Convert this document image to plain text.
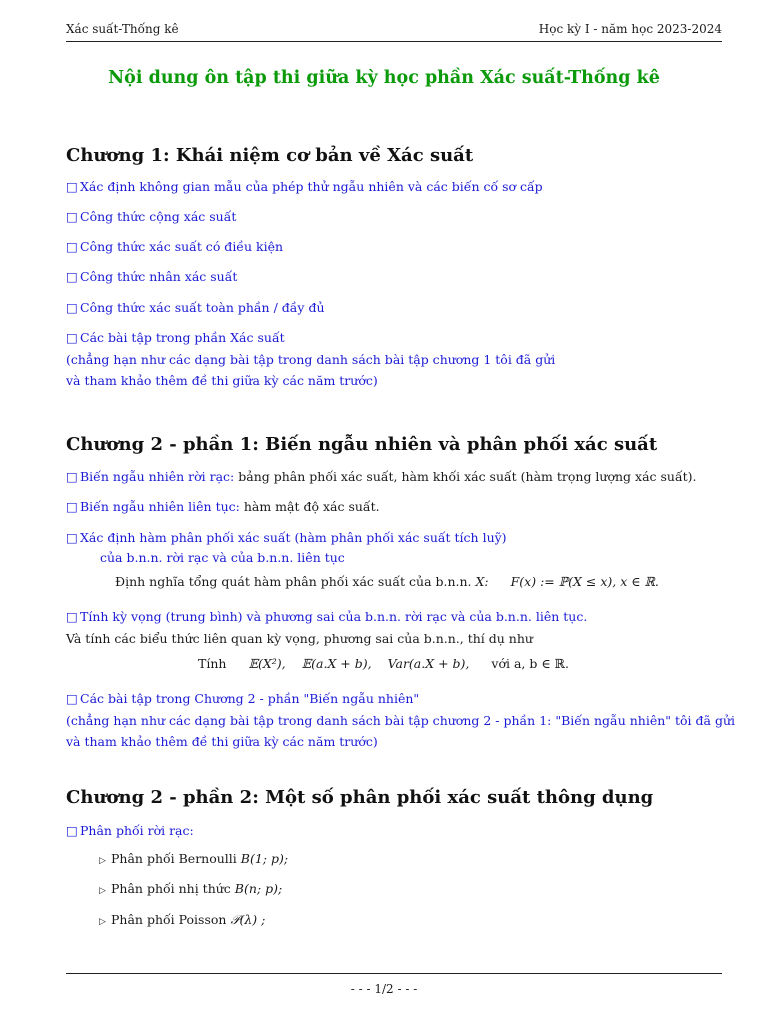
Xác suất-Thống kê	Học kỳ I - năm học 2023-2024
Nội dung ôn tập thi giữa kỳ học phần Xác suất-Thống kê
Chương 1: Khái niệm cơ bản về Xác suất
□ Xác định không gian mẫu của phép thử ngẫu nhiên và các biến cố sơ cấp
□ Công thức cộng xác suất
□ Công thức xác suất có điều kiện
□ Công thức nhân xác suất
□ Công thức xác suất toàn phần / đầy đủ
□ Các bài tập trong phần Xác suất
(chẳng hạn như các dạng bài tập trong danh sách bài tập chương 1 tôi đã gửi
và tham khảo thêm đề thi giữa kỳ các năm trước)
Chương 2 - phần 1: Biến ngẫu nhiên và phân phối xác suất
□ Biến ngẫu nhiên rời rạc: bảng phân phối xác suất, hàm khối xác suất (hàm trọng lượng xác suất).
□ Biến ngẫu nhiên liên tục: hàm mật độ xác suất.
□ Xác định hàm phân phối xác suất (hàm phân phối xác suất tích luỹ)
của b.n.n. rời rạc và của b.n.n. liên tục
Định nghĩa tổng quát hàm phân phối xác suất của b.n.n. X: F(x) := ℙ(X ≤ x), x ∈ ℝ.
□ Tính kỳ vọng (trung bình) và phương sai của b.n.n. rời rạc và của b.n.n. liên tục.
Và tính các biểu thức liên quan kỳ vọng, phương sai của b.n.n., thí dụ như
Tính 𝔼(X²), 𝔼(a.X + b), Var(a.X + b), với a, b ∈ ℝ.
□ Các bài tập trong Chương 2 - phần "Biến ngẫu nhiên"
(chẳng hạn như các dạng bài tập trong danh sách bài tập chương 2 - phần 1: "Biến ngẫu nhiên" tôi đã gửi
và tham khảo thêm đề thi giữa kỳ các năm trước)
Chương 2 - phần 2: Một số phân phối xác suất thông dụng
□ Phân phối rời rạc:
▷ Phân phối Bernoulli B(1; p);
▷ Phân phối nhị thức B(n; p);
▷ Phân phối Poisson 𝒫(λ) ;
- - - 1/2 - - -
